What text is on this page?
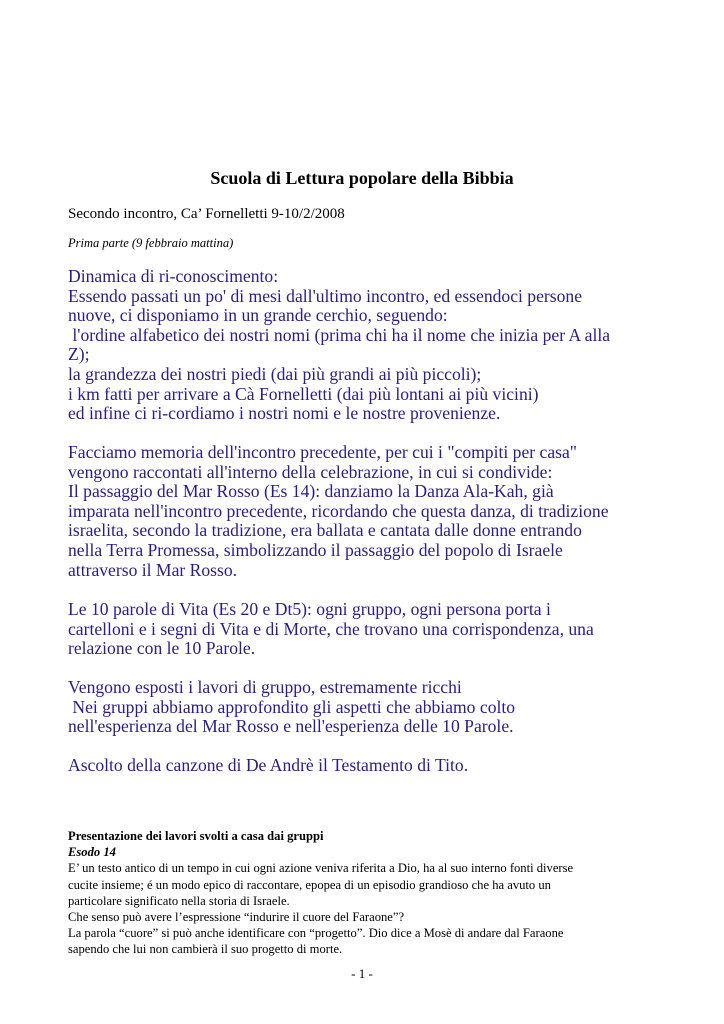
Scuola di Lettura popolare della Bibbia
Secondo incontro, Ca’ Fornelletti 9-10/2/2008
Prima parte (9 febbraio mattina)
Dinamica di ri-conoscimento:
Essendo passati un po' di mesi dall'ultimo incontro, ed essendoci persone
nuove, ci disponiamo in un grande cerchio, seguendo:
l'ordine alfabetico dei nostri nomi (prima chi ha il nome che inizia per A alla
Z);
la grandezza dei nostri piedi (dai più grandi ai più piccoli);
i km fatti per arrivare a Cà Fornelletti (dai più lontani ai più vicini)
ed infine ci ri-cordiamo i nostri nomi e le nostre provenienze.
Facciamo memoria dell'incontro precedente, per cui i "compiti per casa"
vengono raccontati all'interno della celebrazione, in cui si condivide:
Il passaggio del Mar Rosso (Es 14): danziamo la Danza Ala-Kah, già
imparata nell'incontro precedente, ricordando che questa danza, di tradizione
israelita, secondo la tradizione, era ballata e cantata dalle donne entrando
nella Terra Promessa, simbolizzando il passaggio del popolo di Israele
attraverso il Mar Rosso.
Le 10 parole di Vita (Es 20 e Dt5): ogni gruppo, ogni persona porta i
cartelloni e i segni di Vita e di Morte, che trovano una corrispondenza, una
relazione con le 10 Parole.
Vengono esposti i lavori di gruppo, estremamente ricchi
Nei gruppi abbiamo approfondito gli aspetti che abbiamo colto
nell'esperienza del Mar Rosso e nell'esperienza delle 10 Parole.
Ascolto della canzone di De Andrè il Testamento di Tito.
Presentazione dei lavori svolti a casa dai gruppi
Esodo 14
E’ un testo antico di un tempo in cui ogni azione veniva riferita a Dio, ha al suo interno fonti diverse
cucite insieme; é un modo epico di raccontare, epopea di un episodio grandioso che ha avuto un
particolare significato nella storia di Israele.
Che senso può avere l’espressione “indurire il cuore del Faraone”?
La parola “cuore” si può anche identificare con “progetto”. Dio dice a Mosè di andare dal Faraone
sapendo che lui non cambierà il suo progetto di morte.
- 1 -
